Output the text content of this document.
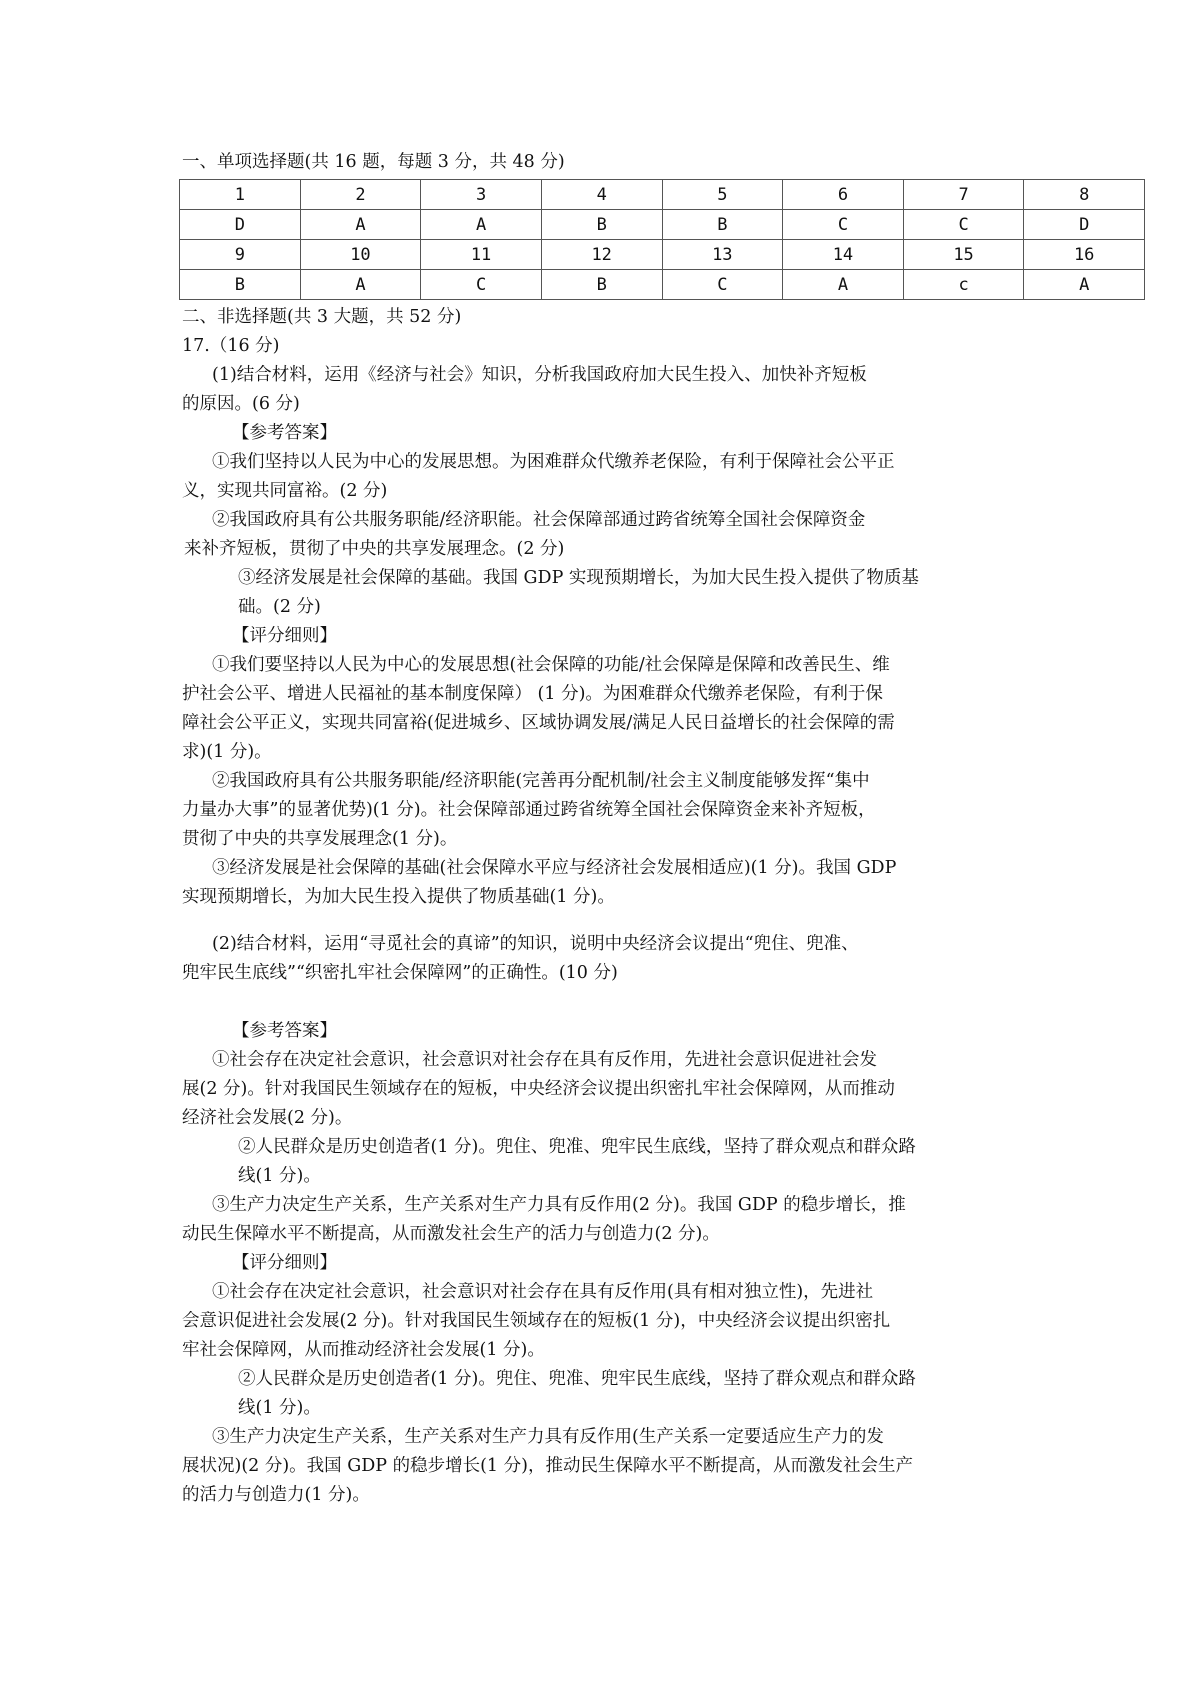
一、单项选择题(共 16 题，每题 3 分，共 48 分)
1	2	3	4	5	6	7	8
D	A	A	B	B	C	C	D
9	10	11	12	13	14	15	16
B	A	C	B	C	A	c	A
二、非选择题(共 3 大题，共 52 分)
17.（16 分)
(1)结合材料，运用《经济与社会》知识，分析我国政府加大民生投入、加快补齐短板
的原因。(6 分)
【参考答案】
①我们坚持以人民为中心的发展思想。为困难群众代缴养老保险，有利于保障社会公平正
义，实现共同富裕。(2 分)
②我国政府具有公共服务职能/经济职能。社会保障部通过跨省统筹全国社会保障资金
来补齐短板，贯彻了中央的共享发展理念。(2 分)
③经济发展是社会保障的基础。我国 GDP 实现预期增长，为加大民生投入提供了物质基
础。(2 分)
【评分细则】
①我们要坚持以人民为中心的发展思想(社会保障的功能/社会保障是保障和改善民生、维
护社会公平、增进人民福祉的基本制度保障） (1 分)。为困难群众代缴养老保险，有利于保
障社会公平正义，实现共同富裕(促进城乡、区域协调发展/满足人民日益增长的社会保障的需
求)(1 分)。
②我国政府具有公共服务职能/经济职能(完善再分配机制/社会主义制度能够发挥“集中
力量办大事”的显著优势)(1 分)。社会保障部通过跨省统筹全国社会保障资金来补齐短板，
贯彻了中央的共享发展理念(1 分)。
③经济发展是社会保障的基础(社会保障水平应与经济社会发展相适应)(1 分)。我国 GDP
实现预期增长，为加大民生投入提供了物质基础(1 分)。
(2)结合材料，运用“寻觅社会的真谛”的知识，说明中央经济会议提出“兜住、兜准、
兜牢民生底线”“织密扎牢社会保障网”的正确性。(10 分)
【参考答案】
①社会存在决定社会意识，社会意识对社会存在具有反作用，先进社会意识促进社会发
展(2 分)。针对我国民生领域存在的短板，中央经济会议提出织密扎牢社会保障网，从而推动
经济社会发展(2 分)。
②人民群众是历史创造者(1 分)。兜住、兜准、兜牢民生底线，坚持了群众观点和群众路
线(1 分)。
③生产力决定生产关系，生产关系对生产力具有反作用(2 分)。我国 GDP 的稳步增长，推
动民生保障水平不断提高，从而激发社会生产的活力与创造力(2 分)。
【评分细则】
①社会存在决定社会意识，社会意识对社会存在具有反作用(具有相对独立性)，先进社
会意识促进社会发展(2 分)。针对我国民生领域存在的短板(1 分)，中央经济会议提出织密扎
牢社会保障网，从而推动经济社会发展(1 分)。
②人民群众是历史创造者(1 分)。兜住、兜准、兜牢民生底线，坚持了群众观点和群众路
线(1 分)。
③生产力决定生产关系，生产关系对生产力具有反作用(生产关系一定要适应生产力的发
展状况)(2 分)。我国 GDP 的稳步增长(1 分)，推动民生保障水平不断提高，从而激发社会生产
的活力与创造力(1 分)。
